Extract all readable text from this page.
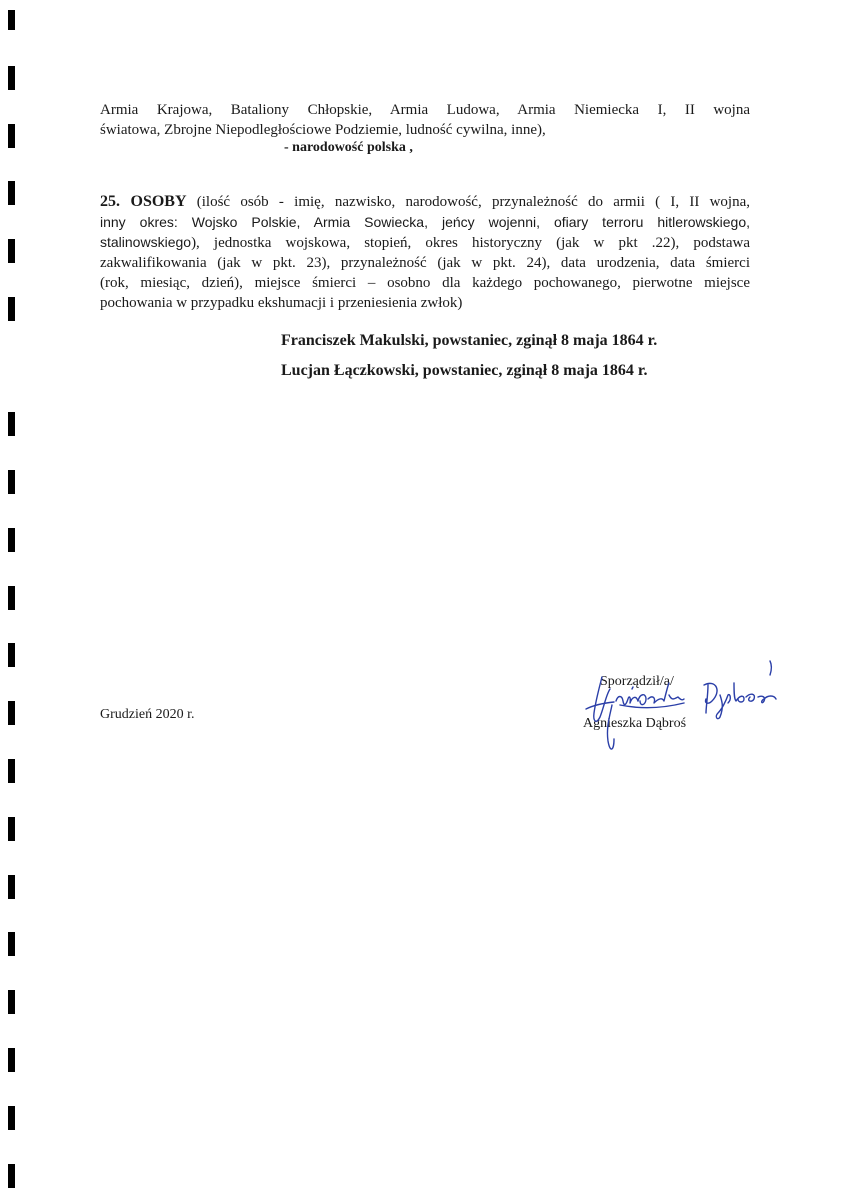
Armia Krajowa, Bataliony Chłopskie, Armia Ludowa, Armia Niemiecka I, II wojna
światowa, Zbrojne Niepodległościowe Podziemie, ludność cywilna, inne),
- narodowość polska ,
25. OSOBY (ilość osób - imię, nazwisko, narodowość, przynależność do armii ( I, II wojna,
inny okres: Wojsko Polskie, Armia Sowiecka, jeńcy wojenni, ofiary terroru hitlerowskiego,
stalinowskiego), jednostka wojskowa, stopień, okres historyczny (jak w pkt .22), podstawa
zakwalifikowania (jak w pkt. 23), przynależność (jak w pkt. 24), data urodzenia, data śmierci
(rok, miesiąc, dzień), miejsce śmierci – osobno dla każdego pochowanego, pierwotne miejsce
pochowania w przypadku ekshumacji i przeniesienia zwłok)
Franciszek Makulski, powstaniec, zginął 8 maja 1864 r.
Lucjan Łączkowski, powstaniec, zginął 8 maja 1864 r.
Grudzień 2020 r.
Sporządził/a/
Agnieszka Dąbroś
